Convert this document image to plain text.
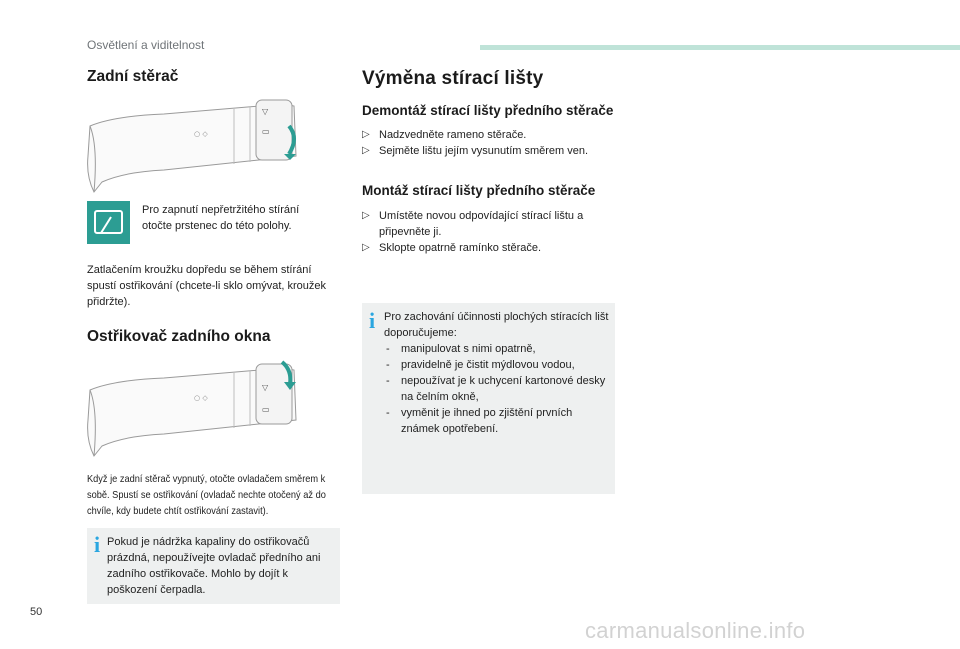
Osvětlení a viditelnost
Zadní stěrač
○ ◇
▽
▭
Pro zapnutí nepřetržitého stírání otočte prstenec do této polohy.
Zatlačením kroužku dopředu se během stírání spustí ostřikování (chcete-li sklo omývat, kroužek přidržte).
Ostřikovač zadního okna
○ ◇
▽
▭
Když je zadní stěrač vypnutý, otočte ovladačem směrem k sobě. Spustí se ostřikování (ovladač nechte otočený až do chvíle, kdy budete chtít ostřikování zastavit).
i Pokud je nádržka kapaliny do ostřikovačů prázdná, nepoužívejte ovladač předního ani zadního ostřikovače. Mohlo by dojít k poškození čerpadla.
Výměna stírací lišty
Demontáž stírací lišty předního stěrače
▷ Nadzvedněte rameno stěrače.
▷ Sejměte lištu jejím vysunutím směrem ven.
Montáž stírací lišty předního stěrače
▷ Umístěte novou odpovídající stírací lištu a připevněte ji.
▷ Sklopte opatrně ramínko stěrače.
i Pro zachování účinnosti plochých stíracích lišt doporučujeme:
- manipulovat s nimi opatrně,
- pravidelně je čistit mýdlovou vodou,
- nepoužívat je k uchycení kartonové desky na čelním okně,
- vyměnit je ihned po zjištění prvních známek opotřebení.
50
carmanualsonline.info
